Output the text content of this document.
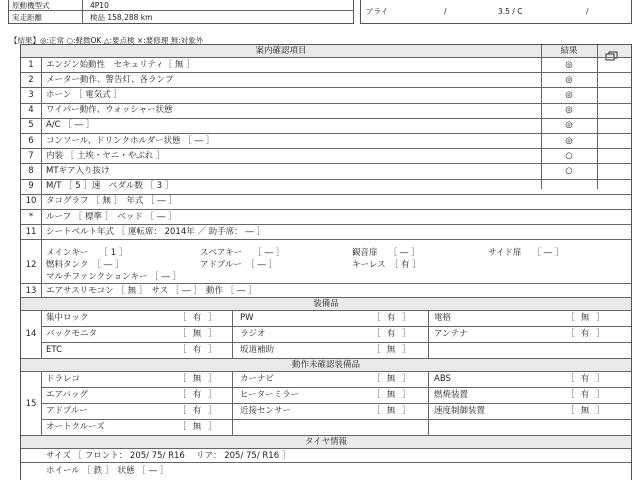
原動機型式	4P10
実走距離	検品 158,288 km
アライ	/	3.5 / C	/
【結果】◎:正常 ○:軽微OK △:要点検 ×:要修理 無:対象外
案内確認項目	結果
1	エンジン始動性　セキュリティ［ 無 ］	◎
2	メーター動作、警告灯、各ランプ	◎
3	ホーン ［ 電気式 ］	◎
4	ワイパー動作、ウォッシャー状態	◎
5	A/C ［ ― ］	◎
6	コンソール、ドリンクホルダー状態 ［ ― ］	◎
7	内装 ［ 土埃・ヤニ・やぶれ ］	○
8	MTギア入り抜け	○
9	M/T ［ 5 ］速　ペダル数 ［ 3 ］
10	タコグラフ ［ 無 ］　年式 ［ ― ］
*	ルーフ ［ 標準 ］　ベッド ［ ― ］
11	シートベルト年式 ［ 運転席： 2014年 ／ 助手席： ― ］
12
メインキー　 ［ 1 ］	スペアキー　 ［ ― ］	観音扉　 ［ ― ］	サイド扉　 ［ ― ］
燃料タンク　［ ― ］	アドブルー　［ ― ］	キーレス　［ 有 ］
マルチファンクションキー ［ ― ］
13	エアサスリモコン ［ 無 ］　サス ［ ― ］　動作 ［ ― ］
装備品
14
集中ロック	［ 有 ］	PW	［ 有 ］	電格	［ 無 ］
バックモニタ	［ 無 ］	ラジオ	［ 有 ］	アンテナ	［ 有 ］
ETC	［ 有 ］	坂道補助	［ 無 ］
動作未確認装備品
15
ドラレコ	［ 無 ］	カーナビ	［ 無 ］	ABS	［ 有 ］
エアバッグ	［ 有 ］	ヒーターミラー	［ 無 ］	燃焼装置	［ 有 ］
アドブルー	［ 有 ］	近接センサー	［ 無 ］	速度制御装置	［ 無 ］
オートクルーズ	［ 無 ］
タイヤ情報
サイズ ［ フロント： 205/ 75/ R16　 リア： 205/ 75/ R16 ］
ホイール ［ 鉄 ］　状態 ［ ― ］
